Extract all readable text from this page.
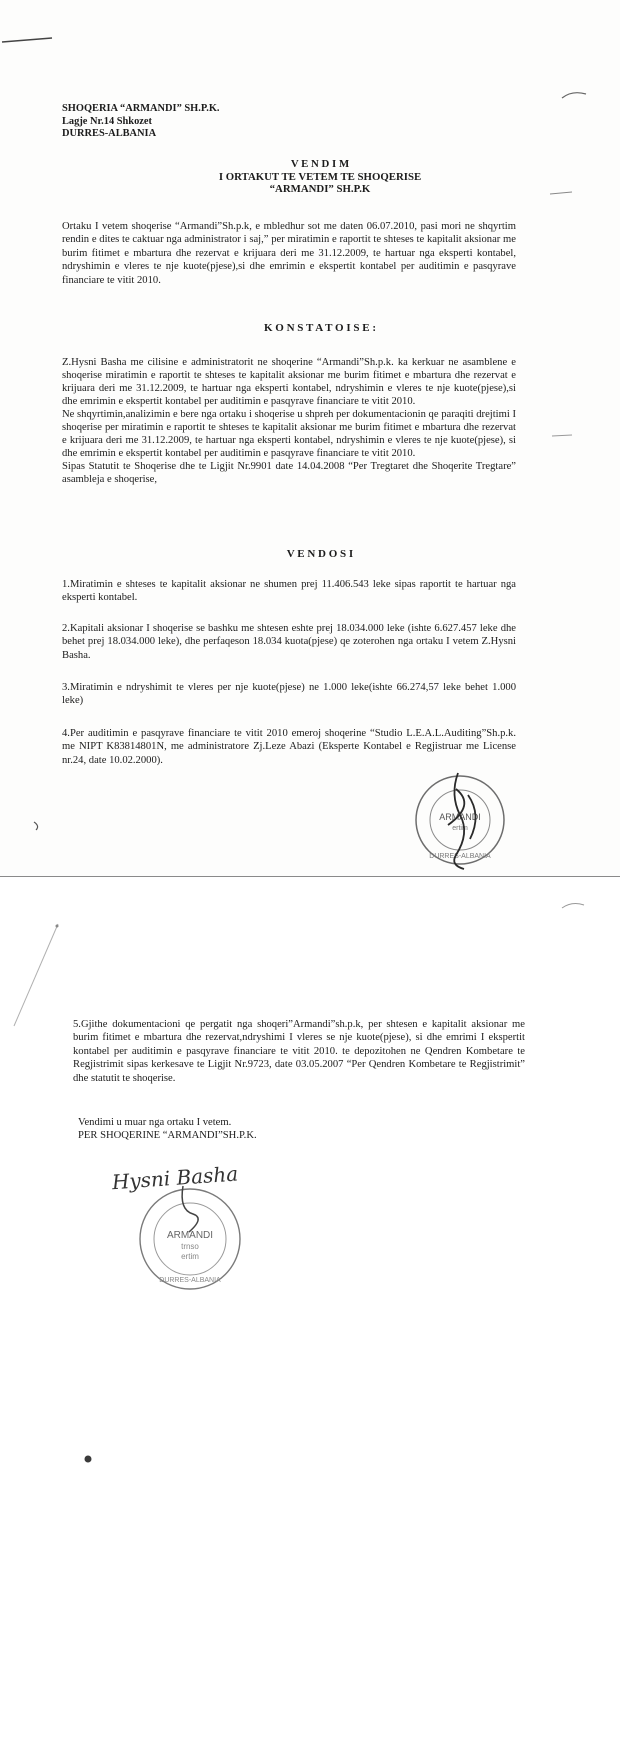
SHOQERIA “ARMANDI” SH.P.K.
Lagje Nr.14 Shkozet
DURRES-ALBANIA
V E N D I M
I ORTAKUT TE VETEM TE SHOQERISE
“ARMANDI” SH.P.K
Ortaku I vetem shoqerise “Armandi”Sh.p.k, e mbledhur sot me daten 06.07.2010, pasi mori ne shqyrtim rendin e dites te caktuar nga administrator i saj,” per miratimin e raportit te shteses te kapitalit aksionar me burim fitimet e mbartura dhe rezervat e krijuara deri me 31.12.2009, te hartuar nga eksperti kontabel, ndryshimin e vleres te nje kuote(pjese),si dhe emrimin e ekspertit kontabel per auditimin e pasqyrave financiare te vitit 2010.
K O N S T A T O I S E :
Z.Hysni Basha me cilisine e administratorit ne shoqerine “Armandi”Sh.p.k. ka kerkuar ne asamblene e shoqerise miratimin e raportit te shteses te kapitalit aksionar me burim fitimet e mbartura dhe rezervat e krijuara deri me 31.12.2009, te hartuar nga eksperti kontabel, ndryshimin e vleres te nje kuote(pjese),si dhe emrimin e ekspertit kontabel per auditimin e pasqyrave financiare te vitit 2010.
Ne shqyrtimin,analizimin e bere nga ortaku i shoqerise u shpreh per dokumentacionin qe paraqiti drejtimi I shoqerise per miratimin e raportit te shteses te kapitalit aksionar me burim fitimet e mbartura dhe rezervat e krijuara deri me 31.12.2009, te hartuar nga eksperti kontabel, ndryshimin e vleres te nje kuote(pjese), si dhe emrimin e ekspertit kontabel per auditimin e pasqyrave financiare te vitit 2010.
Sipas Statutit te Shoqerise dhe te Ligjit Nr.9901 date 14.04.2008 “Per Tregtaret dhe Shoqerite Tregtare” asambleja e shoqerise,
V E N D O S I
1.Miratimin e shteses te kapitalit aksionar ne shumen prej 11.406.543 leke sipas raportit te hartuar nga eksperti kontabel.
2.Kapitali aksionar I shoqerise se bashku me shtesen eshte prej 18.034.000 leke (ishte 6.627.457 leke dhe behet prej 18.034.000 leke), dhe perfaqeson 18.034 kuota(pjese) qe zoterohen nga ortaku I vetem Z.Hysni Basha.
3.Miratimin e ndryshimit te vleres per nje kuote(pjese) ne 1.000 leke(ishte 66.274,57 leke behet 1.000 leke)
4.Per auditimin e pasqyrave financiare te vitit 2010 emeroj shoqerine “Studio L.E.A.L.Auditing”Sh.p.k. me NIPT K83814801N, me administratore Zj.Leze Abazi (Eksperte Kontabel e Regjistruar me License nr.24, date 10.02.2000).
ARMANDI
ertim
DURRES-ALBANIA
5.Gjithe dokumentacioni qe pergatit nga shoqeri”Armandi”sh.p.k, per shtesen e kapitalit aksionar me burim fitimet e mbartura dhe rezervat,ndryshimi I vleres se nje kuote(pjese), si dhe emrimi I ekspertit kontabel per auditimin e pasqyrave financiare te vitit 2010. te depozitohen ne Qendren Kombetare te Regjistrimit sipas kerkesave te Ligjit Nr.9723, date 03.05.2007 “Per Qendren Kombetare te Regjistrimit” dhe statutit te shoqerise.
Vendimi u muar nga ortaku I vetem.
PER SHOQERINE “ARMANDI”SH.P.K.
Hysni Basha
ARMANDI
trnso
ertim
DURRES-ALBANIA
